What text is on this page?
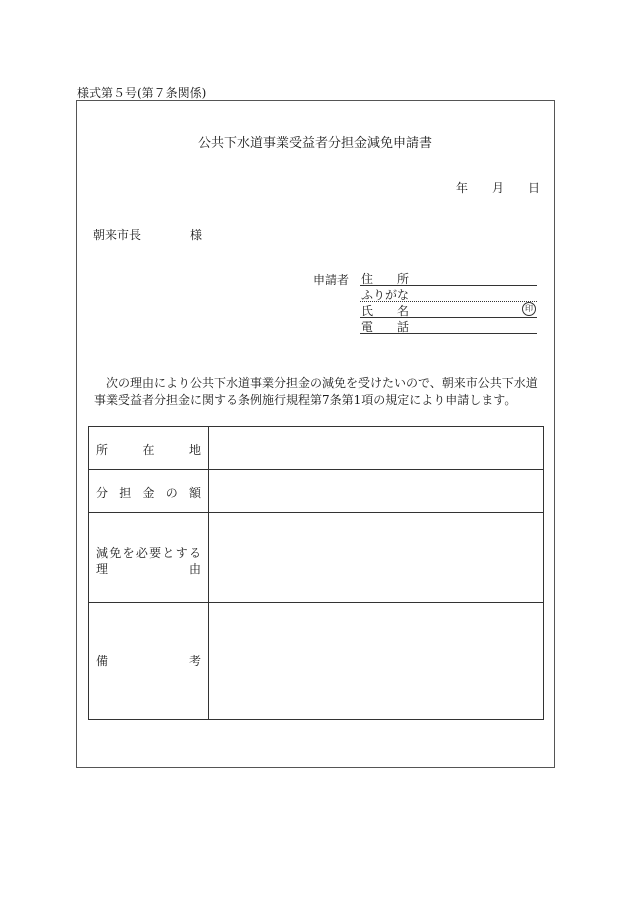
様式第５号(第７条関係)
公共下水道事業受益者分担金減免申請書
年 月 日
朝来市長	様
申請者 住 所
ふりがな
氏 名	印
電 話

次の理由により公共下水道事業分担金の減免を受けたいので、朝来市公共下水道

事業受益者分担金に関する条例施行規程第7条第1項の規定により申請します。

所	在	地
分 担 金 の 額
減 免 を 必 要 と す る
理	由
備	考
